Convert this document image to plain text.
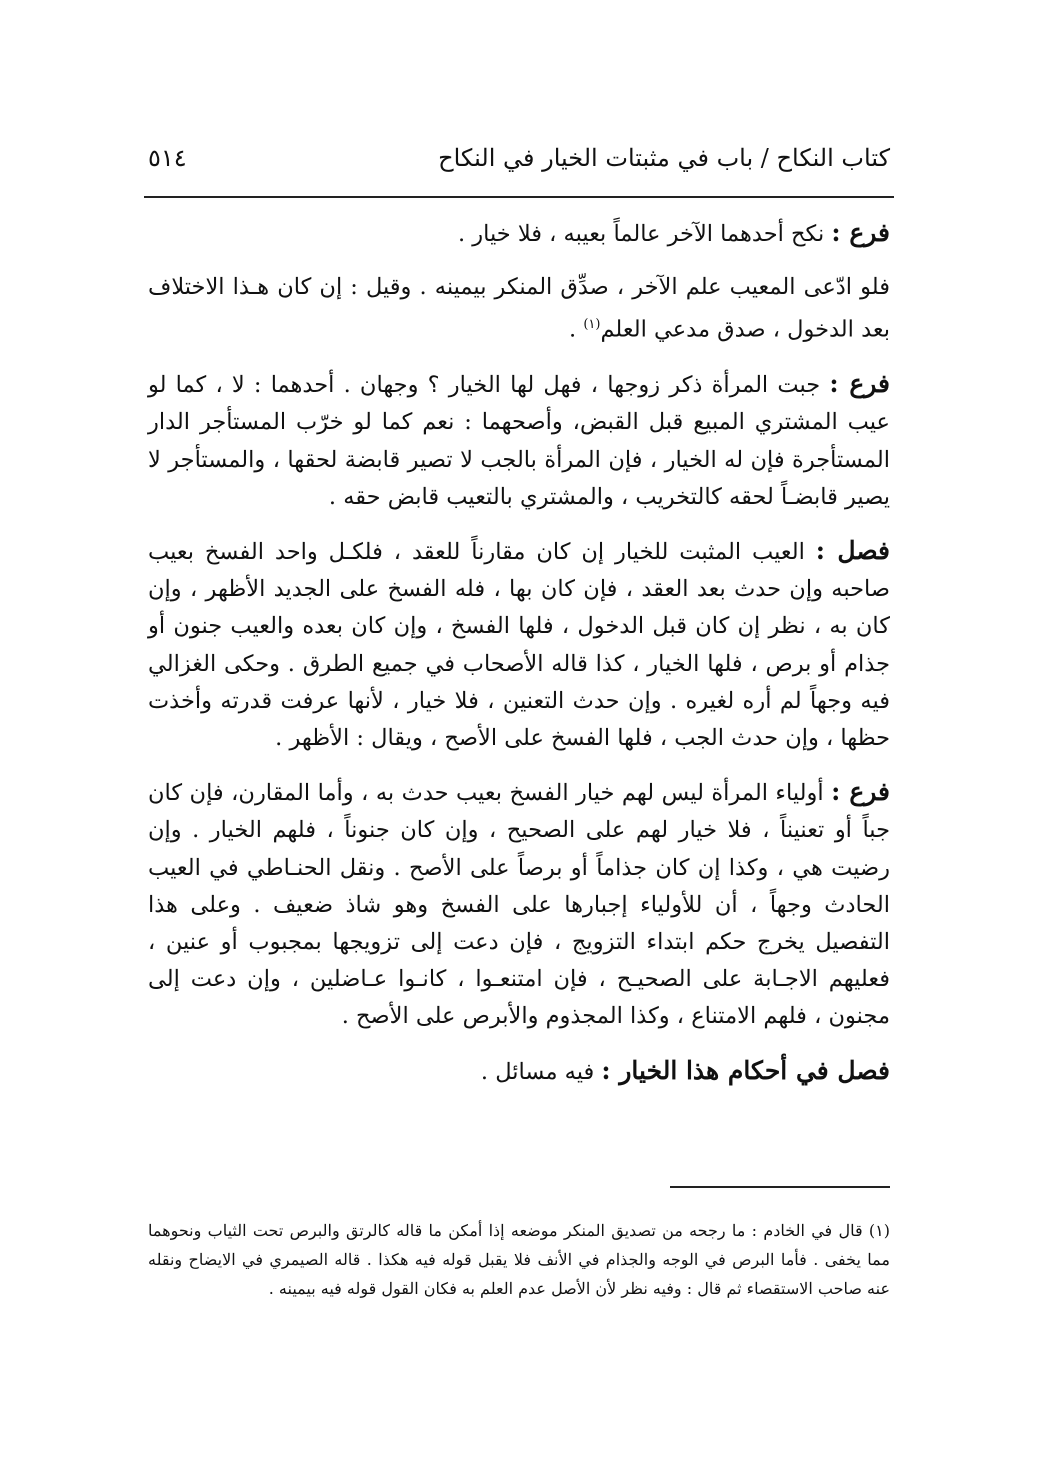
كتاب النكاح / باب في مثبتات الخيار في النكاح
٥١٤

فرع : نكح أحدهما الآخر عالماً بعيبه ، فلا خيار .

فلو ادّعى المعيب علم الآخر ، صدِّق المنكر بيمينه . وقيل : إن كان هـذا الاختلاف بعد الدخول ، صدق مدعي العلم$^{(١)}$ .

فرع : جبت المرأة ذكر زوجها ، فهل لها الخيار ؟ وجهان . أحدهما : لا ، كما لو عيب المشتري المبيع قبل القبض، وأصحهما : نعم كما لو خرّب المستأجر الدار المستأجرة فإن له الخيار ، فإن المرأة بالجب لا تصير قابضة لحقها ، والمستأجر لا يصير قابضـاً لحقه كالتخريب ، والمشتري بالتعيب قابض حقه .

فصل : العيب المثبت للخيار إن كان مقارناً للعقد ، فلكـل واحد الفسخ بعيب صاحبه وإن حدث بعد العقد ، فإن كان بها ، فله الفسخ على الجديد الأظهر ، وإن كان به ، نظر إن كان قبل الدخول ، فلها الفسخ ، وإن كان بعده والعيب جنون أو جذام أو برص ، فلها الخيار ، كذا قاله الأصحاب في جميع الطرق . وحكى الغزالي فيه وجهاً لم أره لغيره . وإن حدث التعنين ، فلا خيار ، لأنها عرفت قدرته وأخذت حظها ، وإن حدث الجب ، فلها الفسخ على الأصح ، ويقال : الأظهر .

فرع : أولياء المرأة ليس لهم خيار الفسخ بعيب حدث به ، وأما المقارن، فإن كان جباً أو تعنيناً ، فلا خيار لهم على الصحيح ، وإن كان جنوناً ، فلهم الخيار . وإن رضيت هي ، وكذا إن كان جذاماً أو برصاً على الأصح . ونقل الحنـاطي في العيب الحادث وجهاً ، أن للأولياء إجبارها على الفسخ وهو شاذ ضعيف . وعلى هذا التفصيل يخرج حكم ابتداء التزويج ، فإن دعت إلى تزويجها بمجبوب أو عنين ، فعليهم الاجـابة على الصحيـح ، فإن امتنعـوا ، كانـوا عـاضلين ، وإن دعت إلى مجنون ، فلهم الامتناع ، وكذا المجذوم والأبرص على الأصح .

فصل في أحكام هذا الخيار : فيه مسائل .

(١) قال في الخادم : ما رجحه من تصديق المنكر موضعه إذا أمكن ما قاله كالرتق والبرص تحت الثياب ونحوهما مما يخفى . فأما البرص في الوجه والجذام في الأنف فلا يقبل قوله فيه هكذا . قاله الصيمري في الايضاح ونقله عنه صاحب الاستقصاء ثم قال : وفيه نظر لأن الأصل عدم العلم به فكان القول قوله فيه بيمينه .
